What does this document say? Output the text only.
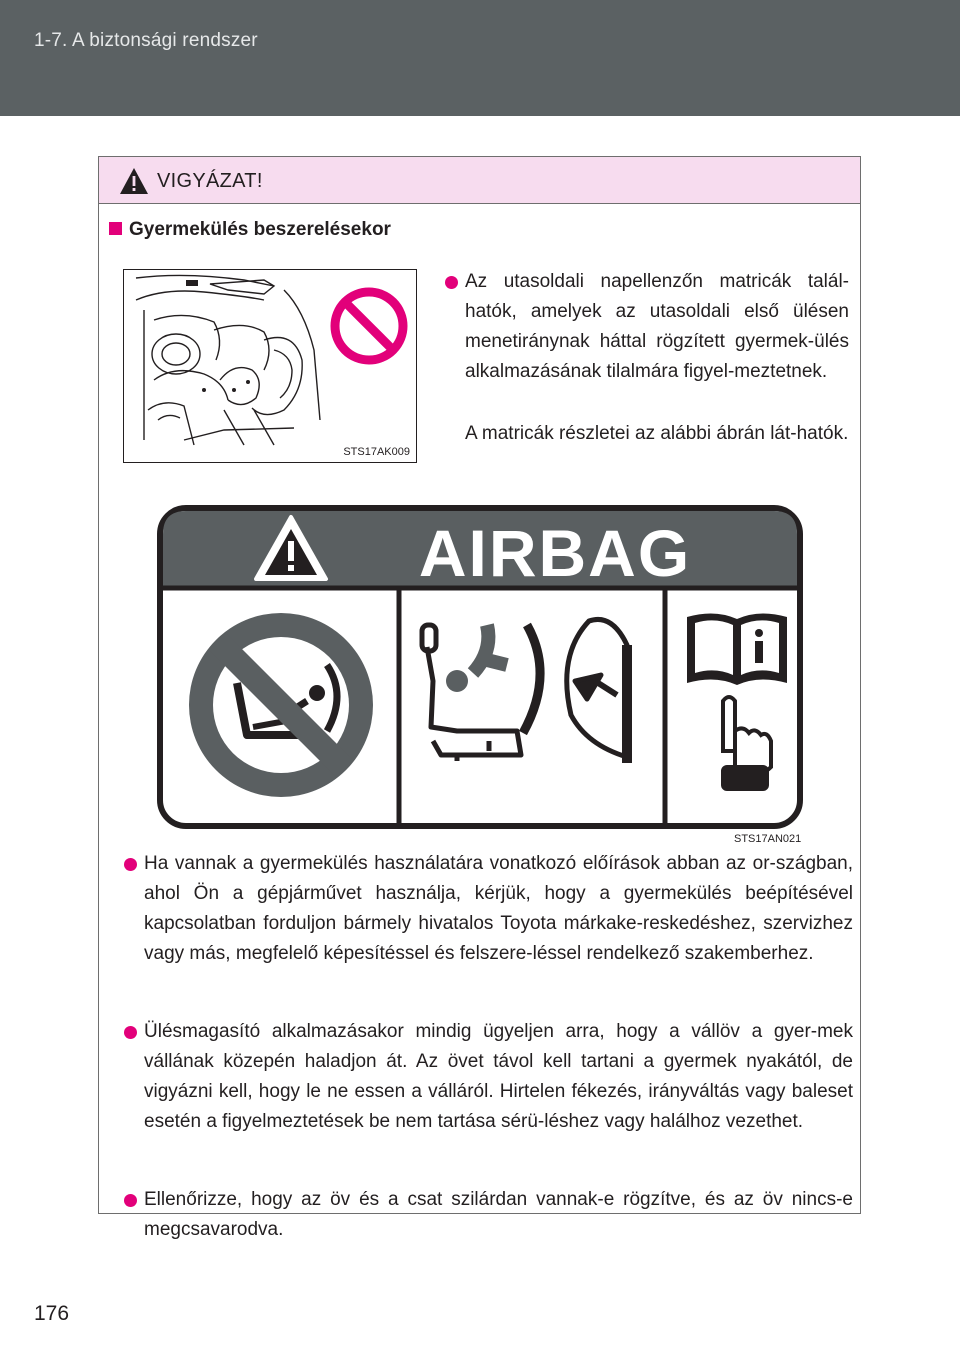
1-7. A biztonsági rendszer
VIGYÁZAT!
Gyermekülés beszerelésekor
STS17AK009
Az utasoldali napellenzőn matricák talál-hatók, amelyek az utasoldali első ülésen menetiránynak háttal rögzített gyermek-ülés alkalmazásának tilalmára figyel-meztetnek.
A matricák részletei az alábbi ábrán lát-hatók.
AIRBAG
STS17AN021
Ha vannak a gyermekülés használatára vonatkozó előírások abban az or-szágban, ahol Ön a gépjárművet használja, kérjük, hogy a gyermekülés beépítésével kapcsolatban forduljon bármely hivatalos Toyota márkake-reskedéshez, szervizhez vagy más, megfelelő képesítéssel és felszere-léssel rendelkező szakemberhez.
Ülésmagasító alkalmazásakor mindig ügyeljen arra, hogy a vállöv a gyer-mek vállának közepén haladjon át. Az övet távol kell tartani a gyermek nyakától, de vigyázni kell, hogy le ne essen a válláról. Hirtelen fékezés, irányváltás vagy baleset esetén a figyelmeztetések be nem tartása sérü-léshez vagy halálhoz vezethet.
Ellenőrizze, hogy az öv és a csat szilárdan vannak-e rögzítve, és az öv nincs-e megcsavarodva.
176
